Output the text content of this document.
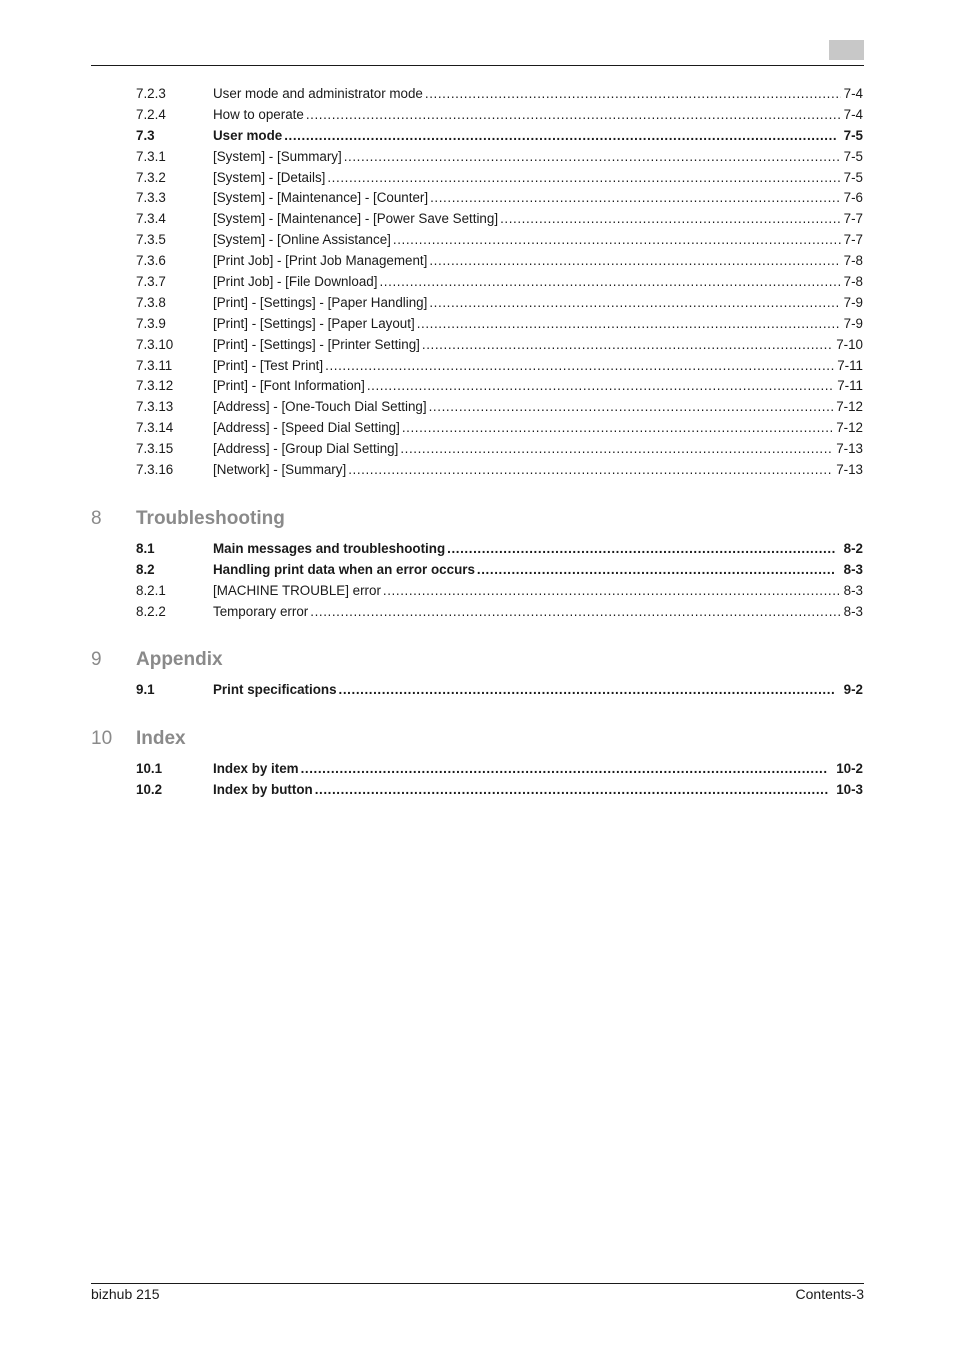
7.2.3	User mode and administrator mode .....	7-4
7.2.4	How to operate .....	7-4
7.3	User mode .....	7-5
7.3.1	[System] - [Summary] .....	7-5
7.3.2	[System] - [Details] .....	7-5
7.3.3	[System] - [Maintenance] - [Counter] .....	7-6
7.3.4	[System] - [Maintenance] - [Power Save Setting] .....	7-7
7.3.5	[System] - [Online Assistance] .....	7-7
7.3.6	[Print Job] - [Print Job Management] .....	7-8
7.3.7	[Print Job] - [File Download] .....	7-8
7.3.8	[Print] - [Settings] - [Paper Handling] .....	7-9
7.3.9	[Print] - [Settings] - [Paper Layout] .....	7-9
7.3.10	[Print] - [Settings] - [Printer Setting] .....	7-10
7.3.11	[Print] - [Test Print] .....	7-11
7.3.12	[Print] - [Font Information] .....	7-11
7.3.13	[Address] - [One-Touch Dial Setting] .....	7-12
7.3.14	[Address] - [Speed Dial Setting] .....	7-12
7.3.15	[Address] - [Group Dial Setting] .....	7-13
7.3.16	[Network] - [Summary] .....	7-13
8 Troubleshooting
8.1	Main messages and troubleshooting .....	8-2
8.2	Handling print data when an error occurs .....	8-3
8.2.1	[MACHINE TROUBLE] error .....	8-3
8.2.2	Temporary error .....	8-3
9 Appendix
9.1	Print specifications .....	9-2
10 Index
10.1	Index by item .....	10-2
10.2	Index by button .....	10-3
bizhub 215	Contents-3
